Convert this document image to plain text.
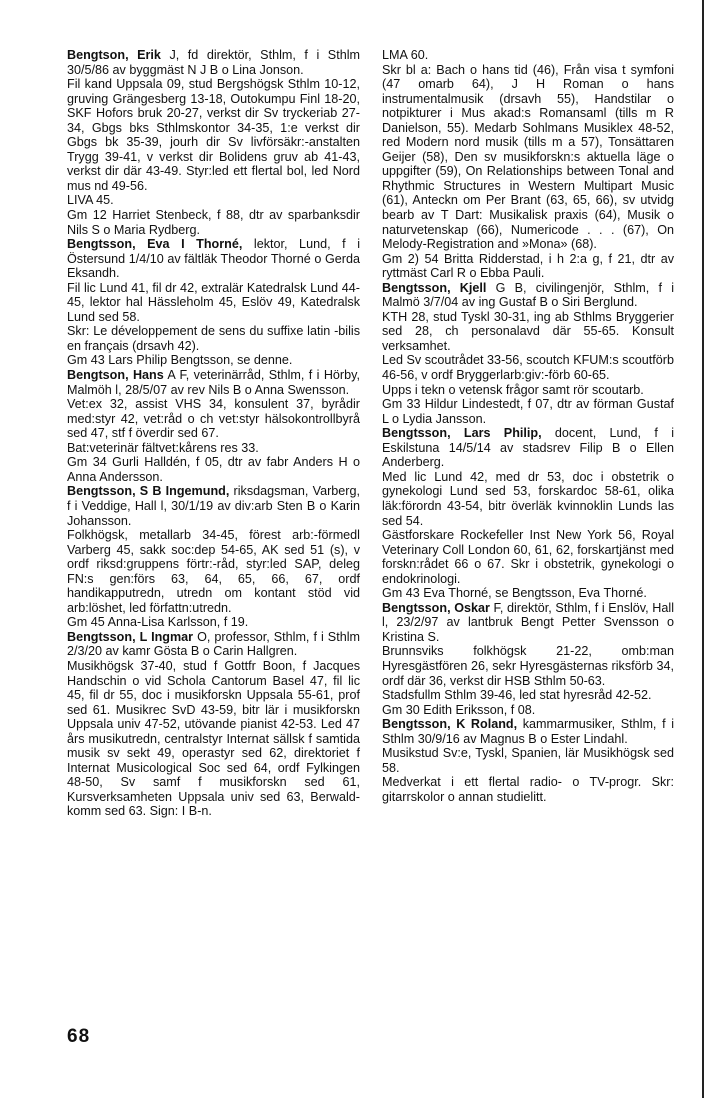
Bengtson, Erik J, fd direktör, Sthlm, f i Sthlm 30/5/86 av byggmäst N J B o Lina Jonson.

Fil kand Uppsala 09, stud Bergshögsk Sthlm 10-12, gruving Grängesberg 13-18, Outokumpu Finl 18-20, SKF Hofors bruk 20-27, verkst dir Sv tryckeriab 27-34, Gbgs bks Sthlmskontor 34-35, 1:e verkst dir Gbgs bk 35-39, jourh dir Sv livförsäkr:-anstalten Trygg 39-41, v verkst dir Bolidens gruv ab 41-43, verkst dir där 43-49. Styr:led ett flertal bol, led Nord mus nd 49-56.

LIVA 45.

Gm 12 Harriet Stenbeck, f 88, dtr av sparbanksdir Nils S o Maria Rydberg.

Bengtsson, Eva I Thorné, lektor, Lund, f i Östersund 1/4/10 av fältläk Theodor Thorné o Gerda Eksandh.

Fil lic Lund 41, fil dr 42, extralär Katedralsk Lund 44-45, lektor hal Hässleholm 45, Eslöv 49, Katedralsk Lund sed 58.

Skr: Le développement de sens du suffixe latin -bilis en français (drsavh 42).

Gm 43 Lars Philip Bengtsson, se denne.

Bengtson, Hans A F, veterinärråd, Sthlm, f i Hörby, Malmöh l, 28/5/07 av rev Nils B o Anna Swensson.

Vet:ex 32, assist VHS 34, konsulent 37, byrådir med:styr 42, vet:råd o ch vet:styr hälsokontrollbyrå sed 47, stf f överdir sed 67.

Bat:veterinär fältvet:kårens res 33.

Gm 34 Gurli Halldén, f 05, dtr av fabr Anders H o Anna Andersson.

Bengtsson, S B Ingemund, riksdagsman, Varberg, f i Veddige, Hall l, 30/1/19 av div:arb Sten B o Karin Johansson.

Folkhögsk, metallarb 34-45, förest arb:-förmedl Varberg 45, sakk soc:dep 54-65, AK sed 51 (s), v ordf riksd:gruppens förtr:-råd, styr:led SAP, deleg FN:s gen:förs 63, 64, 65, 66, 67, ordf handikapputredn, utredn om kontant stöd vid arb:löshet, led författn:utredn.

Gm 45 Anna-Lisa Karlsson, f 19.

Bengtsson, L Ingmar O, professor, Sthlm, f i Sthlm 2/3/20 av kamr Gösta B o Carin Hallgren.

Musikhögsk 37-40, stud f Gottfr Boon, f Jacques Handschin o vid Schola Cantorum Basel 47, fil lic 45, fil dr 55, doc i musikforskn Uppsala 55-61, prof sed 61. Musikrec SvD 43-59, bitr lär i musikforskn Uppsala univ 47-52, utövande pianist 42-53. Led 47 års musikutredn, centralstyr Internat sällsk f samtida musik sv sekt 49, operastyr sed 62, direktoriet f Internat Musicological Soc sed 64, ordf Fylkingen 48-50, Sv samf f musikforskn sed 61, Kursverksamheten Uppsala univ sed 63, Berwald-komm sed 63. Sign: I B-n.

LMA 60.

Skr bl a: Bach o hans tid (46), Från visa t symfoni (47 omarb 64), J H Roman o hans instrumentalmusik (drsavh 55), Handstilar o notpikturer i Mus akad:s Romansaml (tills m R Danielson, 55). Medarb Sohlmans Musiklex 48-52, red Modern nord musik (tills m a 57), Tonsättaren Geijer (58), Den sv musikforskn:s aktuella läge o uppgifter (59), On Relationships between Tonal and Rhythmic Structures in Western Multipart Music (61), Anteckn om Per Brant (63, 65, 66), sv utvidg bearb av T Dart: Musikalisk praxis (64), Musik o naturvetenskap (66), Numericode . . . (67), On Melody-Registration and »Mona» (68).

Gm 2) 54 Britta Ridderstad, i h 2:a g, f 21, dtr av ryttmäst Carl R o Ebba Pauli.

Bengtsson, Kjell G B, civilingenjör, Sthlm, f i Malmö 3/7/04 av ing Gustaf B o Siri Berglund.

KTH 28, stud Tyskl 30-31, ing ab Sthlms Bryggerier sed 28, ch personalavd där 55-65. Konsult verksamhet.

Led Sv scoutrådet 33-56, scoutch KFUM:s scoutförb 46-56, v ordf Bryggerlarb:giv:-förb 60-65.

Upps i tekn o vetensk frågor samt rör scoutarb.

Gm 33 Hildur Lindestedt, f 07, dtr av förman Gustaf L o Lydia Jansson.

Bengtsson, Lars Philip, docent, Lund, f i Eskilstuna 14/5/14 av stadsrev Filip B o Ellen Anderberg.

Med lic Lund 42, med dr 53, doc i obstetrik o gynekologi Lund sed 53, forskardoc 58-61, olika läk:förordn 43-54, bitr överläk kvinnoklin Lunds las sed 54.

Gästforskare Rockefeller Inst New York 56, Royal Veterinary Coll London 60, 61, 62, forskartjänst med forskn:rådet 66 o 67. Skr i obstetrik, gynekologi o endokrinologi.

Gm 43 Eva Thorné, se Bengtsson, Eva Thorné.

Bengtsson, Oskar F, direktör, Sthlm, f i Enslöv, Hall l, 23/2/97 av lantbruk Bengt Petter Svensson o Kristina S.

Brunnsviks folkhögsk 21-22, omb:man Hyresgästfören 26, sekr Hyresgästernas riksförb 34, ordf där 36, verkst dir HSB Sthlm 50-63.

Stadsfullm Sthlm 39-46, led stat hyresråd 42-52.

Gm 30 Edith Eriksson, f 08.

Bengtsson, K Roland, kammarmusiker, Sthlm, f i Sthlm 30/9/16 av Magnus B o Ester Lindahl.

Musikstud Sv:e, Tyskl, Spanien, lär Musikhögsk sed 58.

Medverkat i ett flertal radio- o TV-progr. Skr: gitarrskolor o annan studielitt.

68
